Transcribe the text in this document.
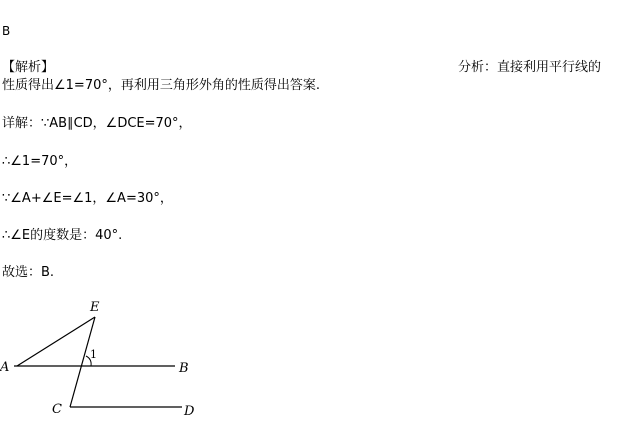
B
【解析】	分析：直接利用平行线的
性质得出∠1=70°，再利用三角形外角的性质得出答案.
详解：∵AB∥CD，∠DCE=70°，
∴∠1=70°，
∵∠A+∠E=∠1，∠A=30°，
∴∠E的度数是：40°.
故选：B.
A	B
C	D
E
1
